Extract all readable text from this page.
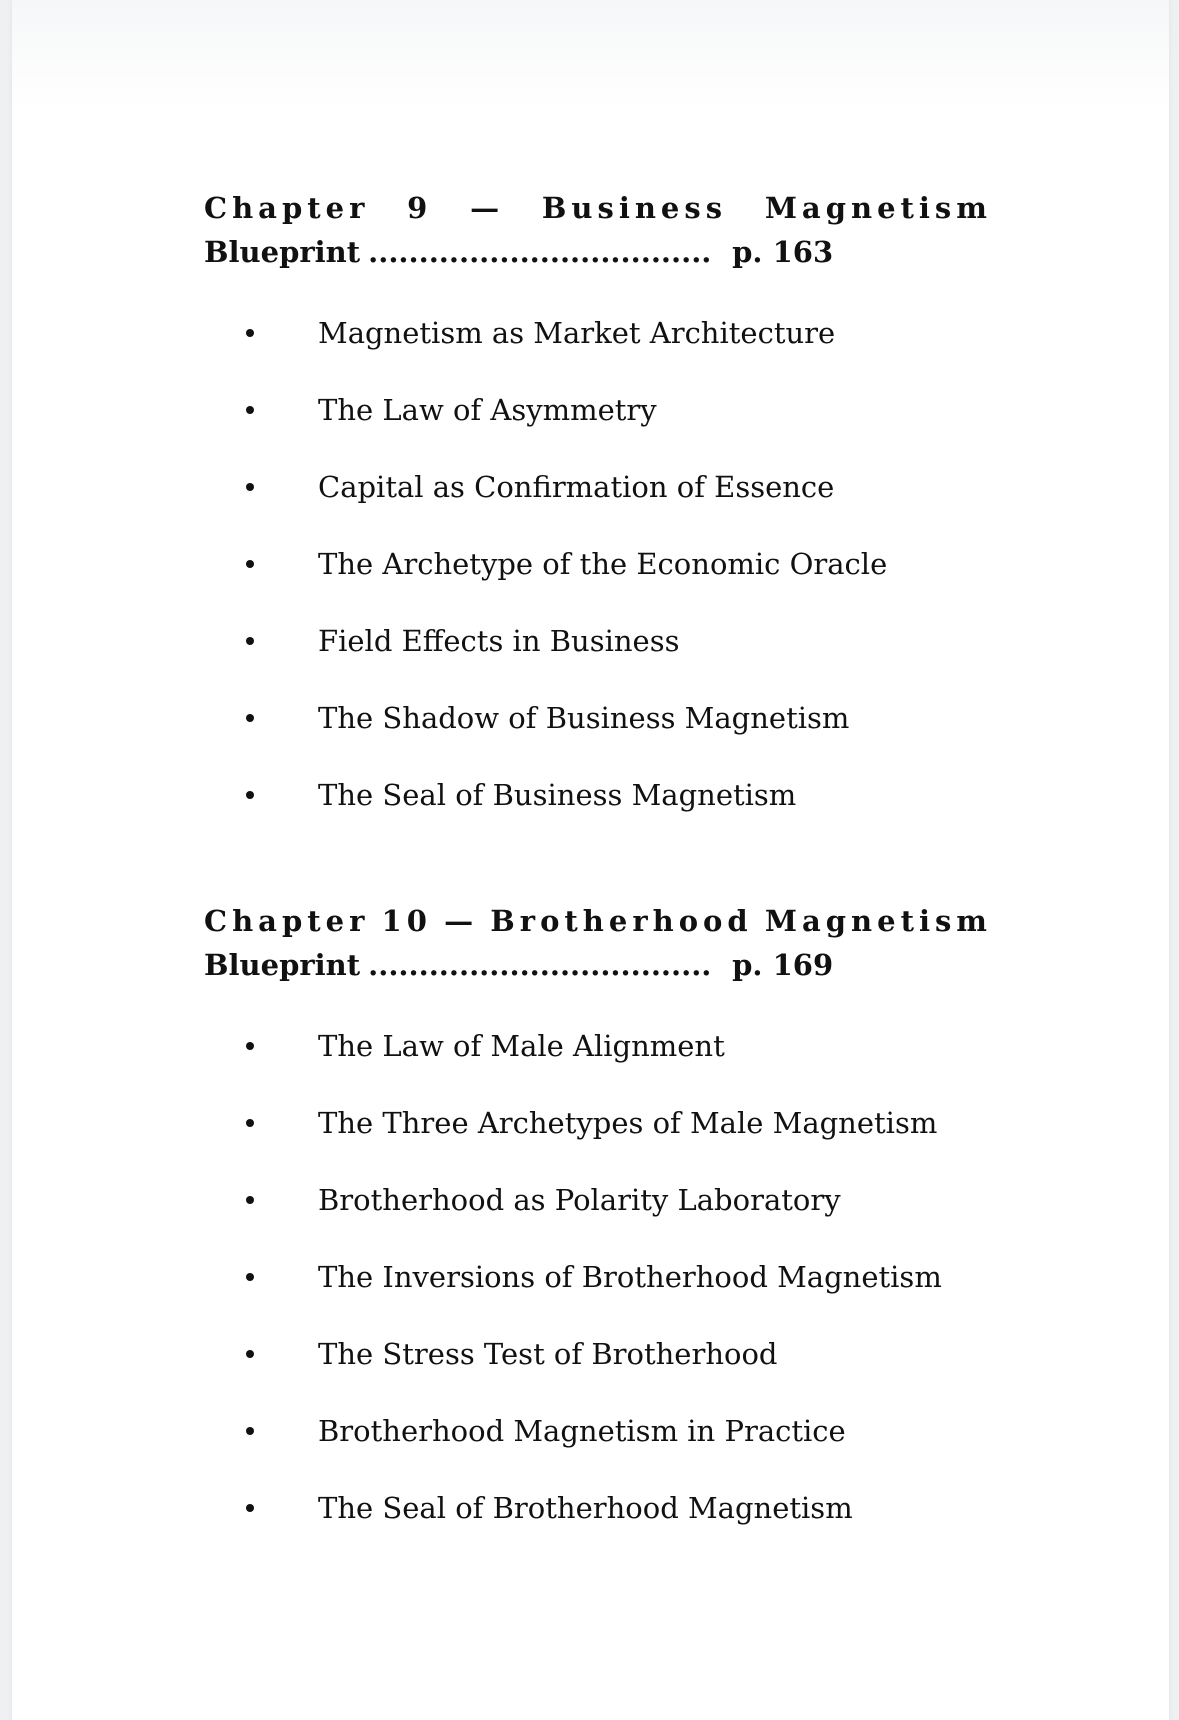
Chapter 9 — Business Magnetism
Blueprint .................................. p. 163
Magnetism as Market Architecture
The Law of Asymmetry
Capital as Confirmation of Essence
The Archetype of the Economic Oracle
Field Effects in Business
The Shadow of Business Magnetism
The Seal of Business Magnetism
Chapter 10 — Brotherhood Magnetism
Blueprint .................................. p. 169
The Law of Male Alignment
The Three Archetypes of Male Magnetism
Brotherhood as Polarity Laboratory
The Inversions of Brotherhood Magnetism
The Stress Test of Brotherhood
Brotherhood Magnetism in Practice
The Seal of Brotherhood Magnetism
